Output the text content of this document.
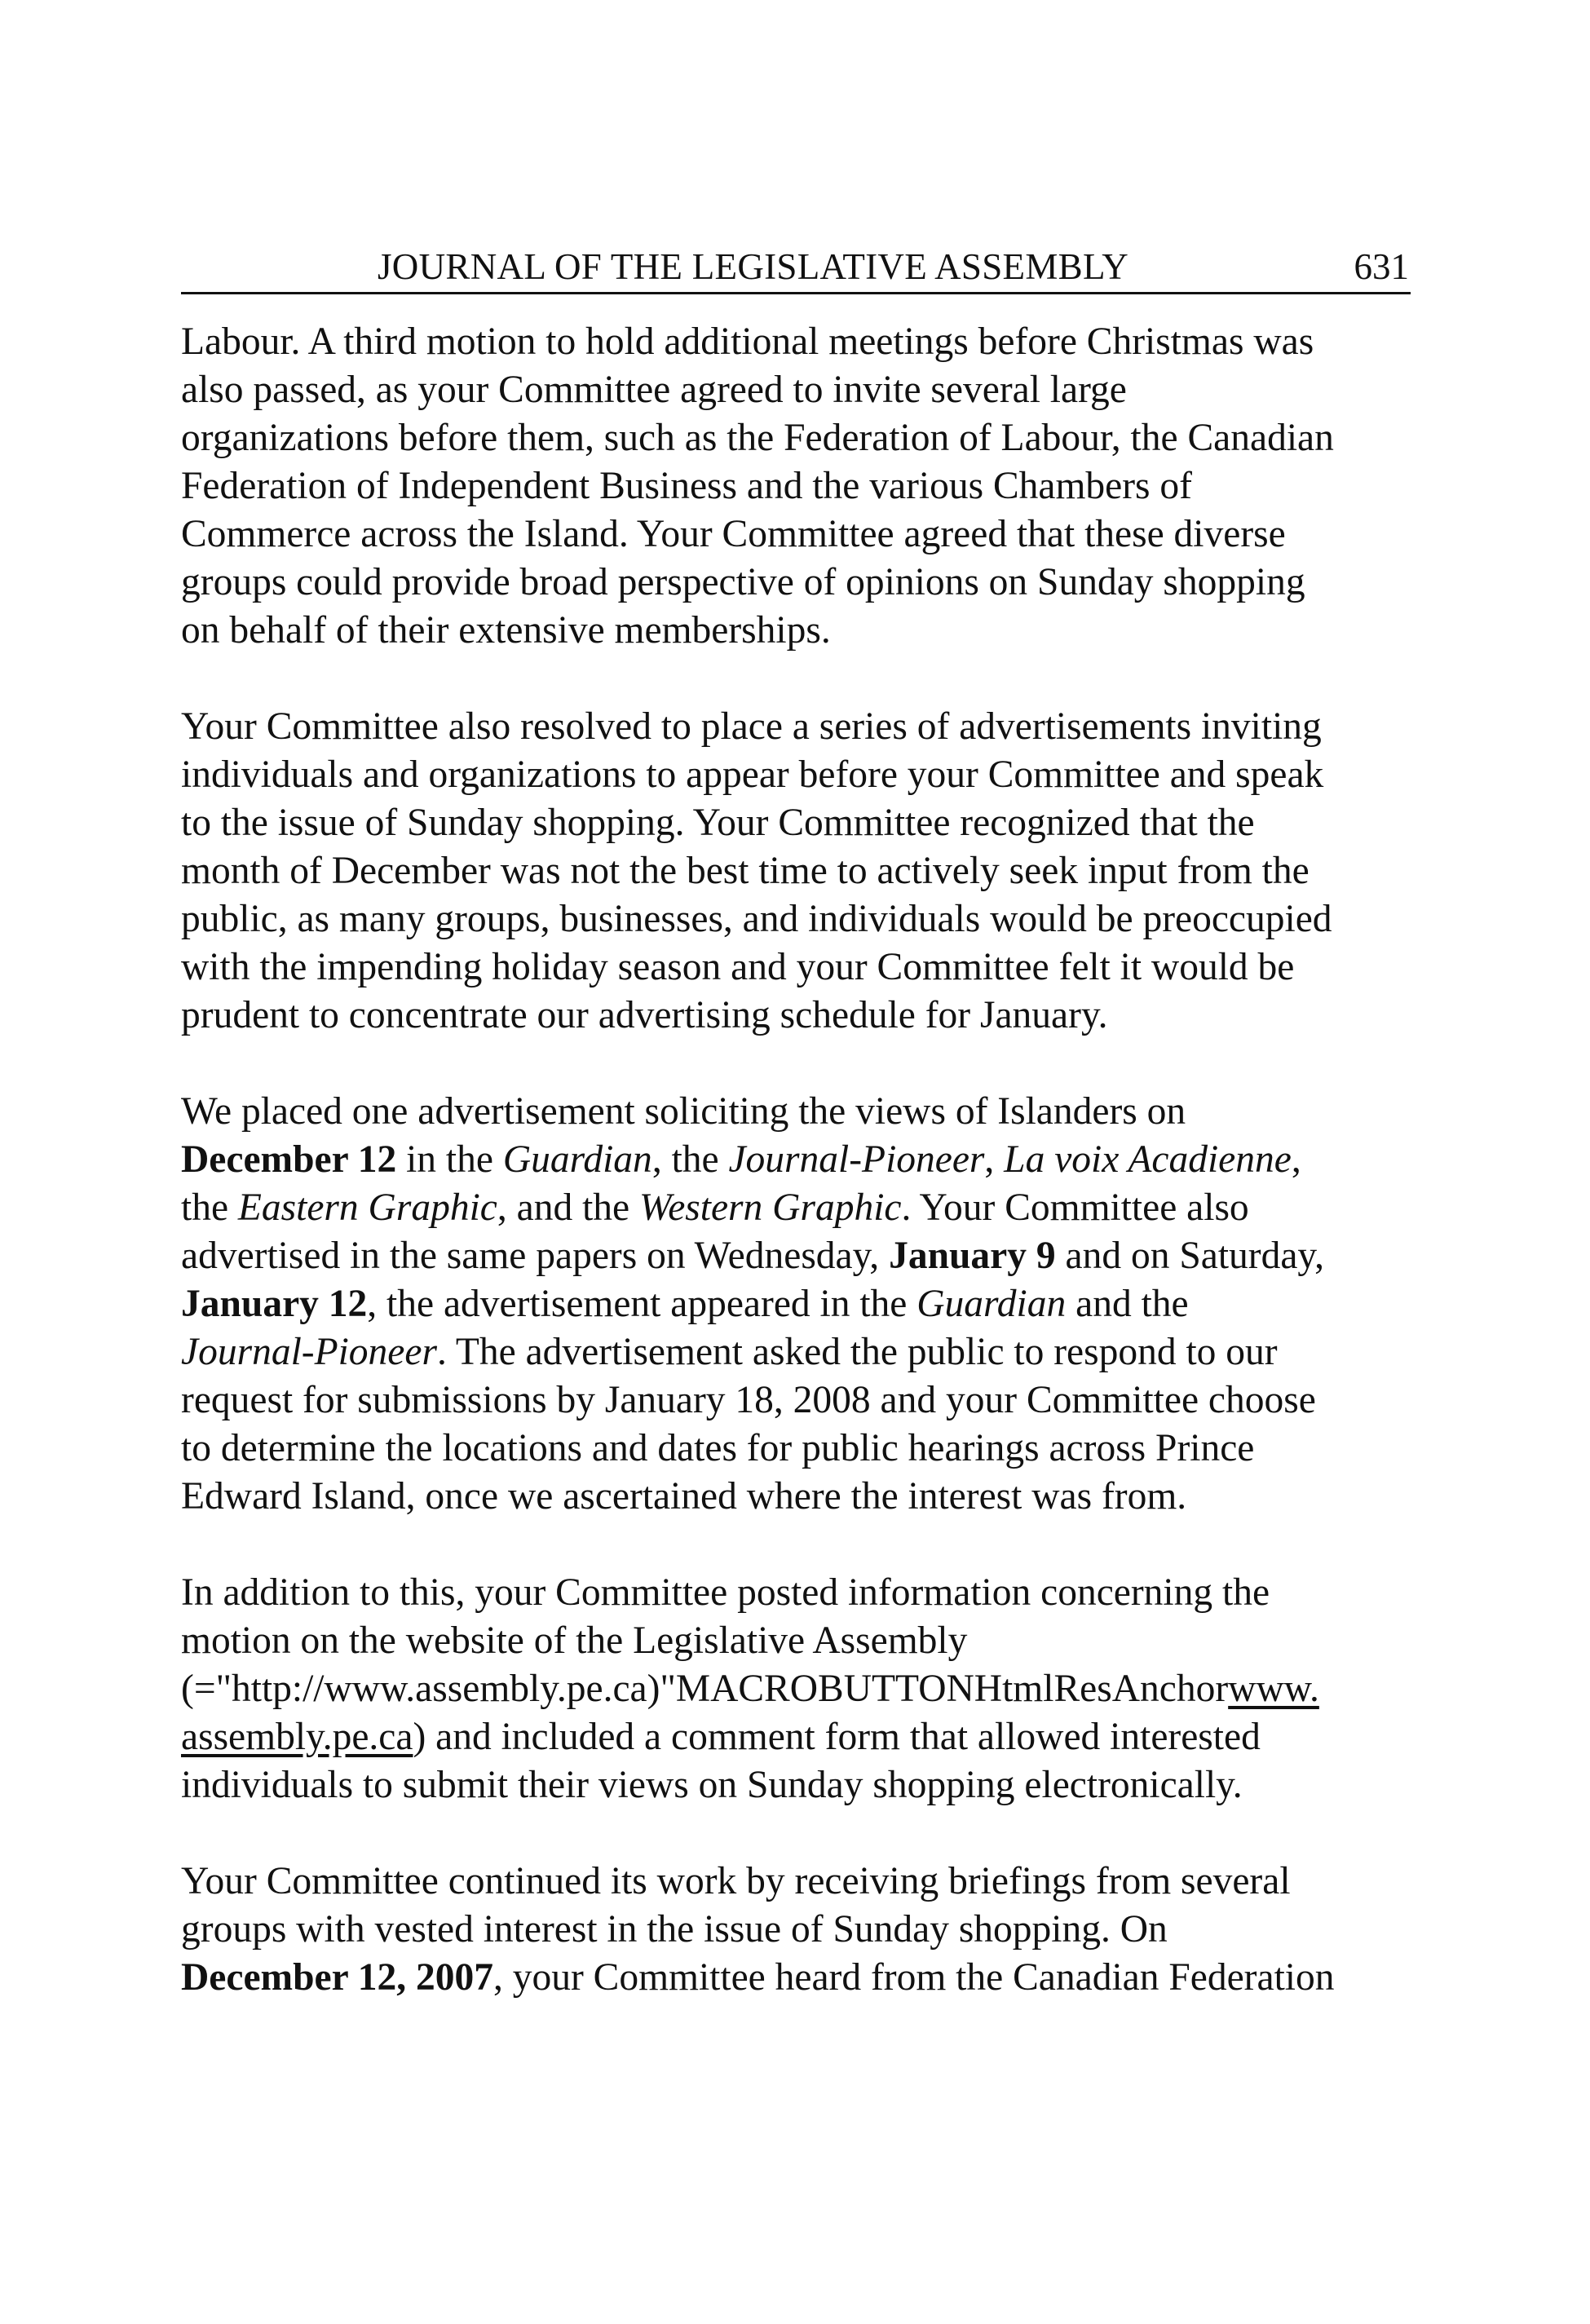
JOURNAL OF THE LEGISLATIVE ASSEMBLY	631
Labour. A third motion to hold additional meetings before Christmas was
also passed, as your Committee agreed to invite several large
organizations before them, such as the Federation of Labour, the Canadian
Federation of Independent Business and the various Chambers of
Commerce across the Island. Your Committee agreed that these diverse
groups could provide broad perspective of opinions on Sunday shopping
on behalf of their extensive memberships.
Your Committee also resolved to place a series of advertisements inviting
individuals and organizations to appear before your Committee and speak
to the issue of Sunday shopping. Your Committee recognized that the
month of December was not the best time to actively seek input from the
public, as many groups, businesses, and individuals would be preoccupied
with the impending holiday season and your Committee felt it would be
prudent to concentrate our advertising schedule for January.
We placed one advertisement soliciting the views of Islanders on
December 12 in the Guardian, the Journal-Pioneer, La voix Acadienne,
the Eastern Graphic, and the Western Graphic. Your Committee also
advertised in the same papers on Wednesday, January 9 and on Saturday,
January 12, the advertisement appeared in the Guardian and the
Journal-Pioneer. The advertisement asked the public to respond to our
request for submissions by January 18, 2008 and your Committee choose
to determine the locations and dates for public hearings across Prince
Edward Island, once we ascertained where the interest was from.
In addition to this, your Committee posted information concerning the
motion on the website of the Legislative Assembly
(="http://www.assembly.pe.ca)"MACROBUTTONHtmlResAnchorwww.
assembly.pe.ca) and included a comment form that allowed interested
individuals to submit their views on Sunday shopping electronically.
Your Committee continued its work by receiving briefings from several
groups with vested interest in the issue of Sunday shopping. On
December 12, 2007, your Committee heard from the Canadian Federation
